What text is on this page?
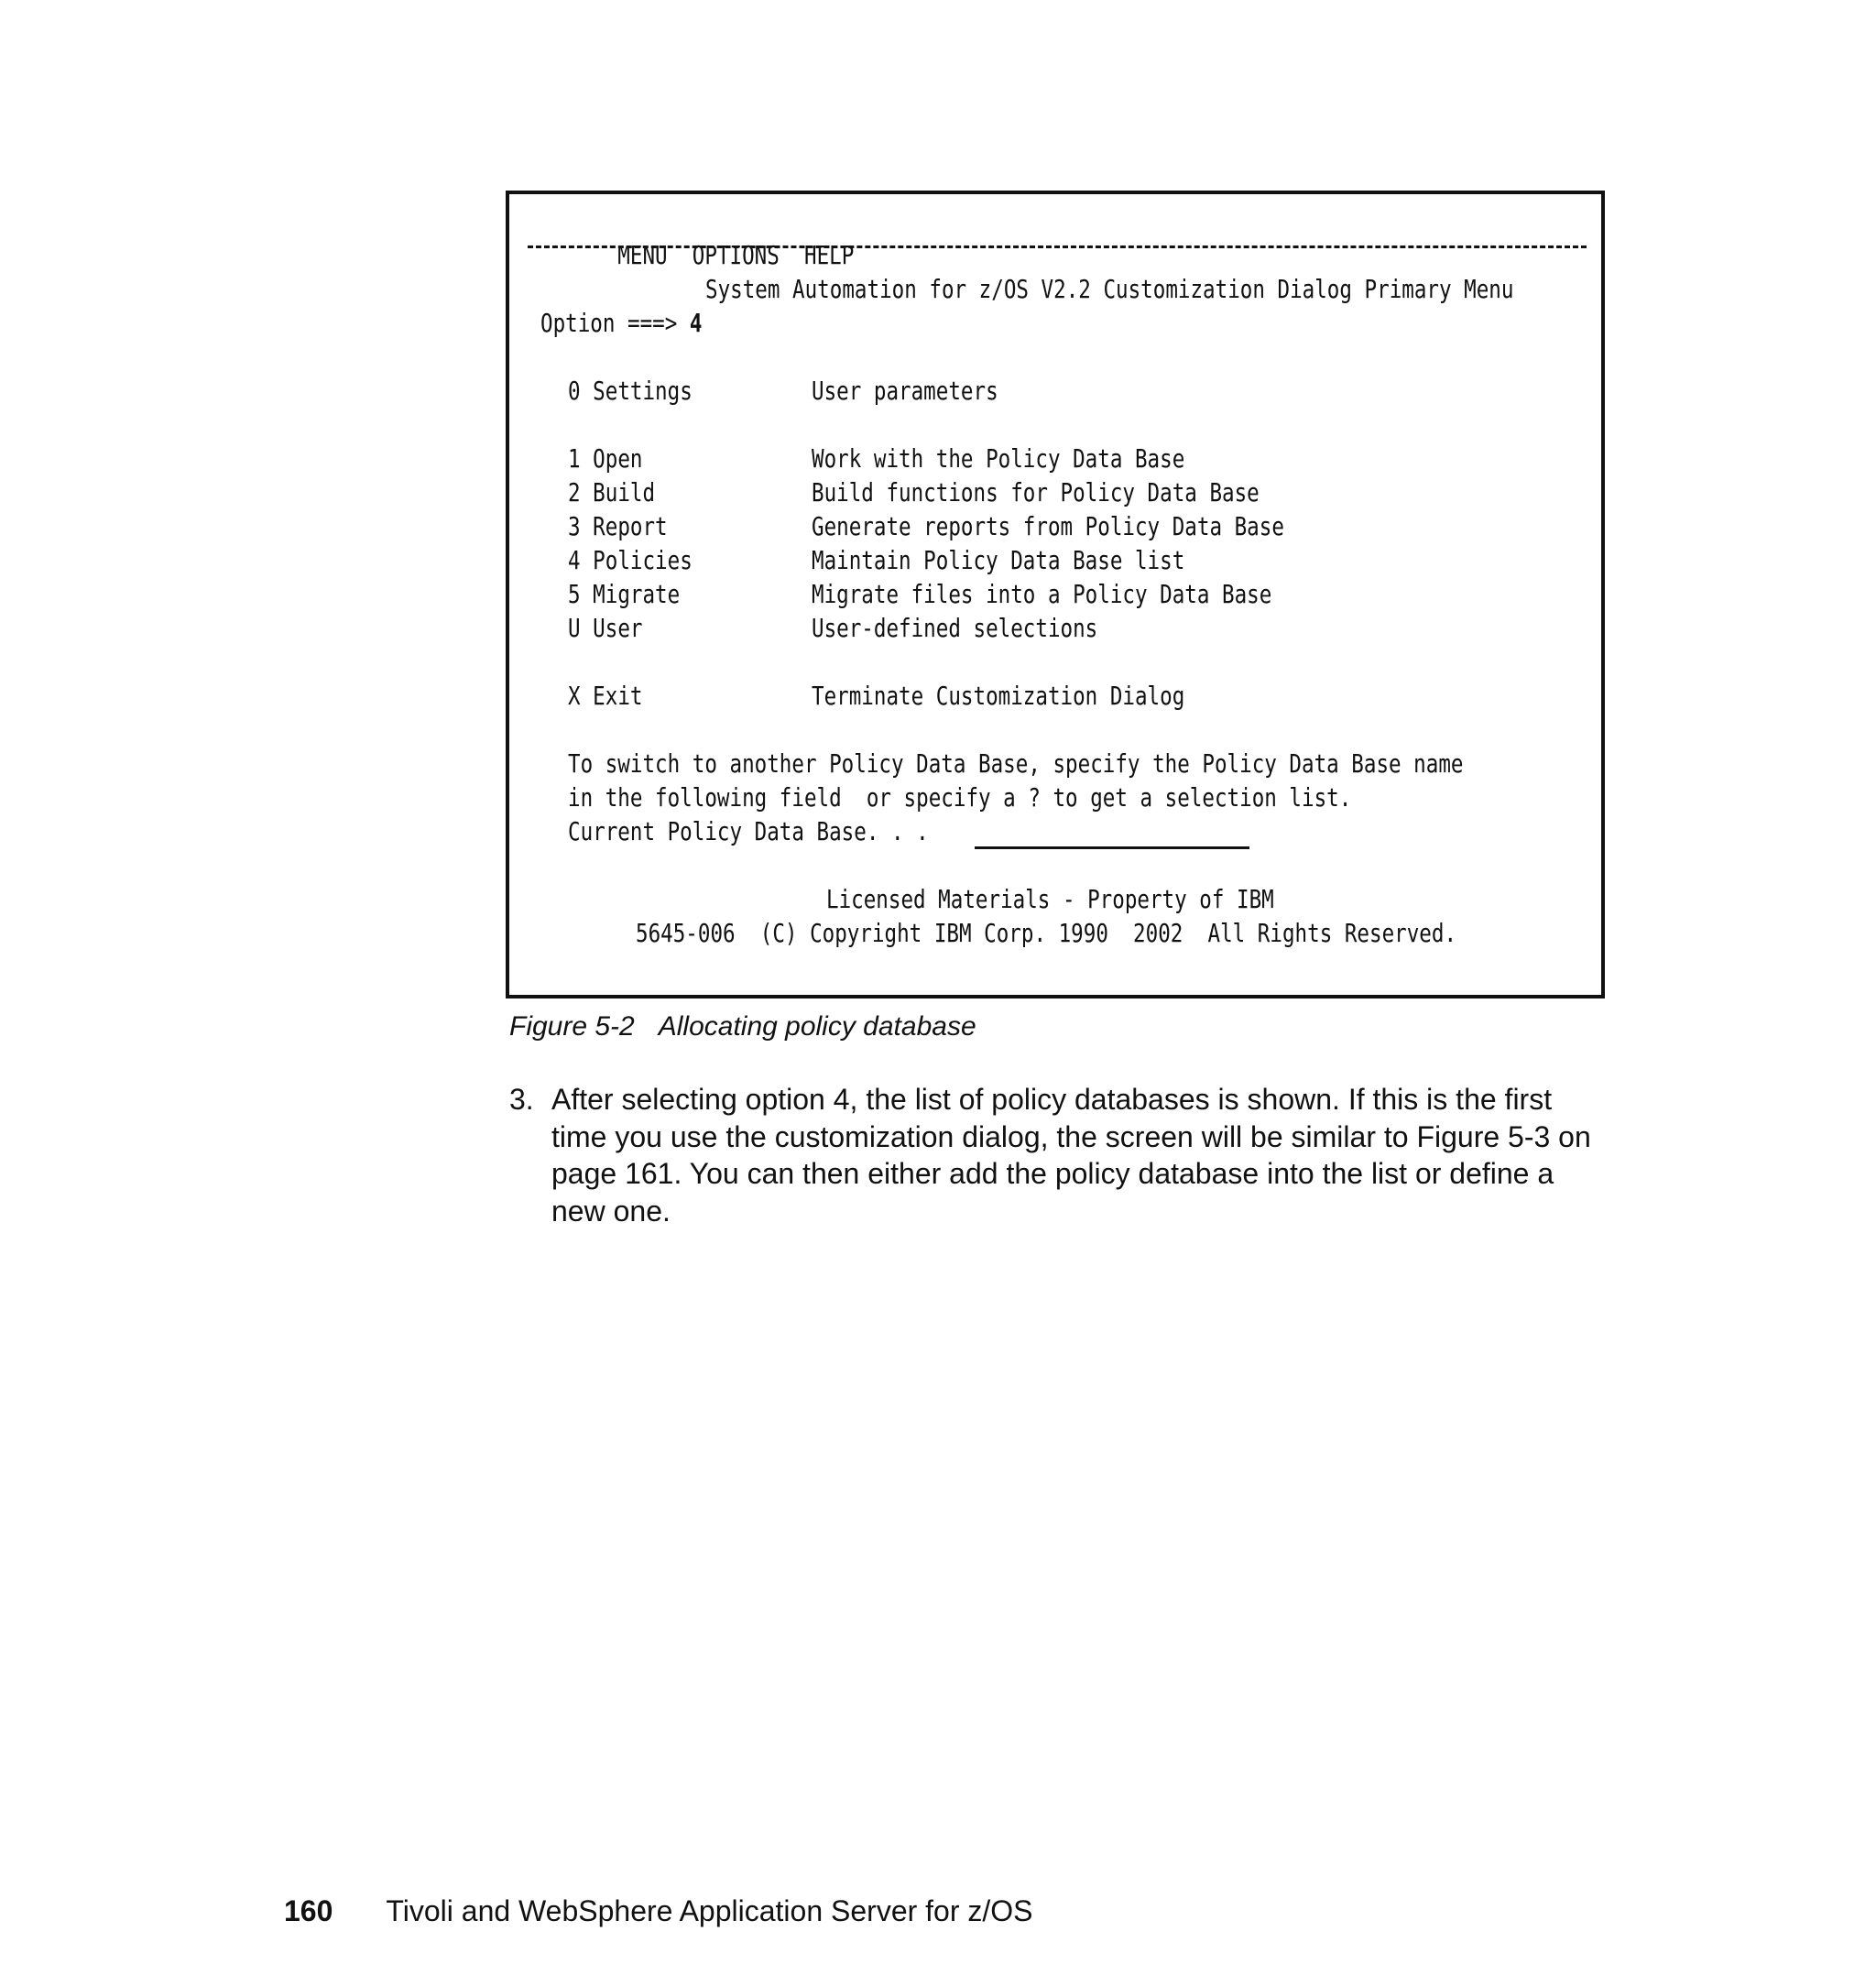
MENU OPTIONS HELP

System Automation for z/OS V2.2 Customization Dialog Primary Menu
Option ===> 4
0 Settings	User parameters
1 Open	Work with the Policy Data Base
2 Build	Build functions for Policy Data Base
3 Report	Generate reports from Policy Data Base
4 Policies	Maintain Policy Data Base list
5 Migrate	Migrate files into a Policy Data Base
U User	User-defined selections
X Exit	Terminate Customization Dialog
To switch to another Policy Data Base, specify the Policy Data Base name
in the following field  or specify a ? to get a selection list.
Current Policy Data Base. . .
Licensed Materials - Property of IBM
5645-006  (C) Copyright IBM Corp. 1990  2002  All Rights Reserved.
Figure 5-2 Allocating policy database
3. After selecting option 4, the list of policy databases is shown. If this is the first time you use the customization dialog, the screen will be similar to Figure 5-3 on page 161. You can then either add the policy database into the list or define a new one.
160 Tivoli and WebSphere Application Server for z/OS
